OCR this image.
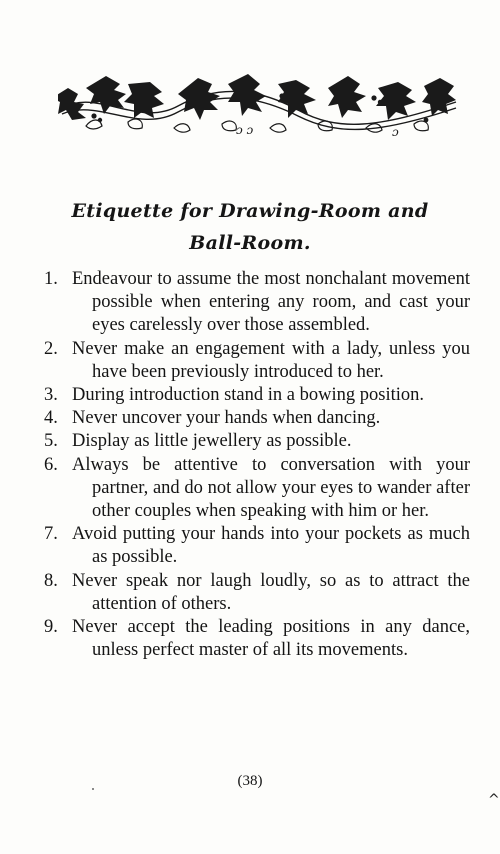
ɔ ɔ	ɔ
Etiquette for Drawing-Room and
Ball-Room.

1. Endeavour to assume the most nonchalant movement possible when entering any room, and cast your eyes carelessly over those assembled.

2. Never make an engagement with a lady, unless you have been previously introduced to her.

3. During introduction stand in a bowing position.

4. Never uncover your hands when dancing.

5. Display as little jewellery as possible.

6. Always be attentive to conversation with your partner, and do not allow your eyes to wander after other couples when speaking with him or her.

7. Avoid putting your hands into your pockets as much as possible.

8. Never speak nor laugh loudly, so as to attract the attention of others.

9. Never accept the leading positions in any dance, unless perfect master of all its movements.

(38)
^
